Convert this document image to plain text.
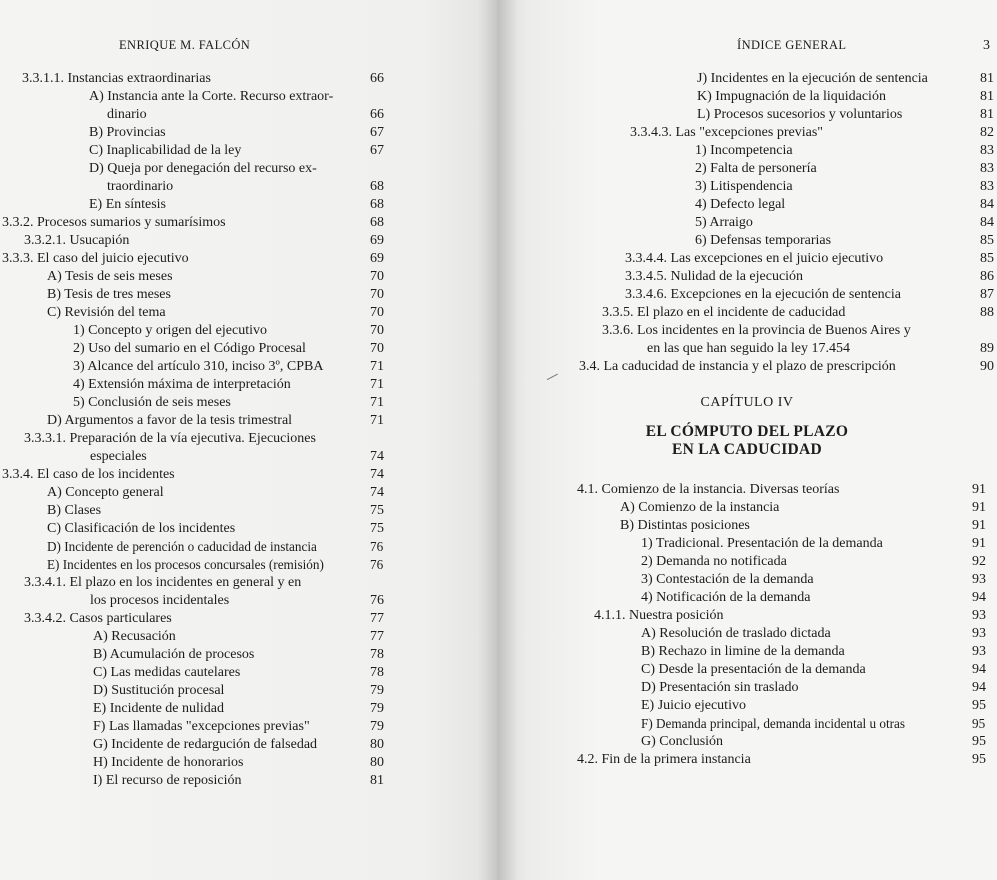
ENRIQUE M. FALCÓN
3.3.1.1. Instancias extraordinarias	66
A) Instancia ante la Corte. Recurso extraor-
dinario	66
B) Provincias	67
C) Inaplicabilidad de la ley	67
D) Queja por denegación del recurso ex-
traordinario	68
E) En síntesis	68
3.3.2. Procesos sumarios y sumarísimos	68
3.3.2.1. Usucapión	69
3.3.3. El caso del juicio ejecutivo	69
A) Tesis de seis meses	70
B) Tesis de tres meses	70
C) Revisión del tema	70
1) Concepto y origen del ejecutivo	70
2) Uso del sumario en el Código Procesal	70
3) Alcance del artículo 310, inciso 3º, CPBA	71
4) Extensión máxima de interpretación	71
5) Conclusión de seis meses	71
D) Argumentos a favor de la tesis trimestral	71
3.3.3.1. Preparación de la vía ejecutiva. Ejecuciones
especiales	74
3.3.4. El caso de los incidentes	74
A) Concepto general	74
B) Clases	75
C) Clasificación de los incidentes	75
D) Incidente de perención o caducidad de instancia	76
E) Incidentes en los procesos concursales (remisión)	76
3.3.4.1. El plazo en los incidentes en general y en
los procesos incidentales	76
3.3.4.2. Casos particulares	77
A) Recusación	77
B) Acumulación de procesos	78
C) Las medidas cautelares	78
D) Sustitución procesal	79
E) Incidente de nulidad	79
F) Las llamadas "excepciones previas"	79
G) Incidente de redargución de falsedad	80
H) Incidente de honorarios	80
I) El recurso de reposición	81
ÍNDICE GENERAL	3
J) Incidentes en la ejecución de sentencia	81
K) Impugnación de la liquidación	81
L) Procesos sucesorios y voluntarios	81
3.3.4.3. Las "excepciones previas"	82
1) Incompetencia	83
2) Falta de personería	83
3) Litispendencia	83
4) Defecto legal	84
5) Arraigo	84
6) Defensas temporarias	85
3.3.4.4. Las excepciones en el juicio ejecutivo	85
3.3.4.5. Nulidad de la ejecución	86
3.3.4.6. Excepciones en la ejecución de sentencia	87
3.3.5. El plazo en el incidente de caducidad	88
3.3.6. Los incidentes en la provincia de Buenos Aires y
en las que han seguido la ley 17.454	89
3.4. La caducidad de instancia y el plazo de prescripción	90
CAPÍTULO IV
EL CÓMPUTO DEL PLAZO
EN LA CADUCIDAD
4.1. Comienzo de la instancia. Diversas teorías	91
A) Comienzo de la instancia	91
B) Distintas posiciones	91
1) Tradicional. Presentación de la demanda	91
2) Demanda no notificada	92
3) Contestación de la demanda	93
4) Notificación de la demanda	94
4.1.1. Nuestra posición	93
A) Resolución de traslado dictada	93
B) Rechazo in limine de la demanda	93
C) Desde la presentación de la demanda	94
D) Presentación sin traslado	94
E) Juicio ejecutivo	95
F) Demanda principal, demanda incidental u otras	95
G) Conclusión	95
4.2. Fin de la primera instancia	95
